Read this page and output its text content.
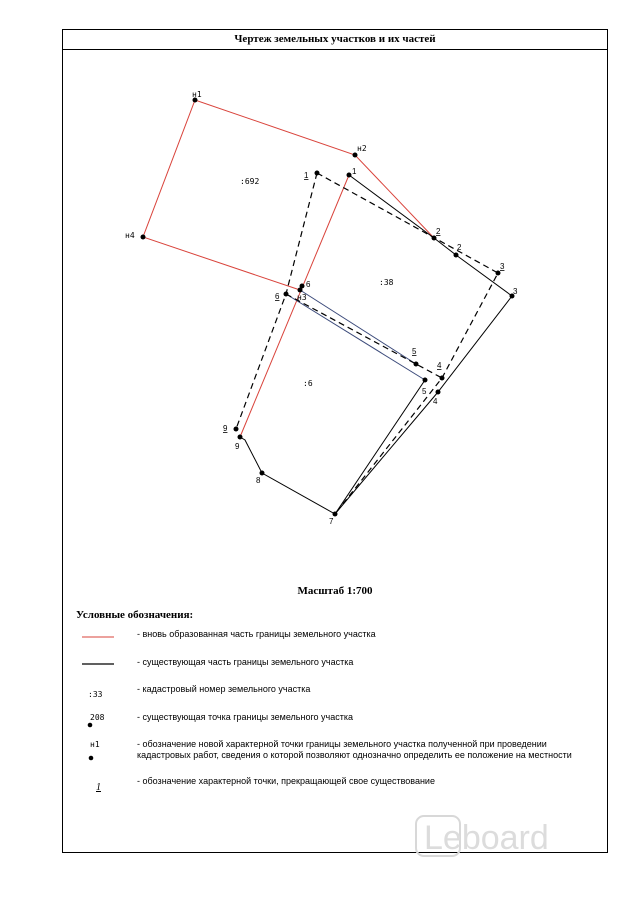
Чертеж земельных участков и их частей
н1
н2
н4
н3
1
2
3
4
5
6
7
8
9
1
2
3
4
5
6
9
:692
:38
:6
Масштаб 1:700
Условные обозначения:
- вновь образованная часть границы земельного участка
- существующая часть границы земельного участка
:33
- кадастровый номер земельного участка
208	- существующая точка границы земельного участка
н1	- обозначение новой характерной точки границы земельного участка полученной при проведении кадастровых работ, сведения о которой позволяют однозначно определить ее положение на местности
1
- обозначение характерной точки, прекращающей свое существование
Leboard
